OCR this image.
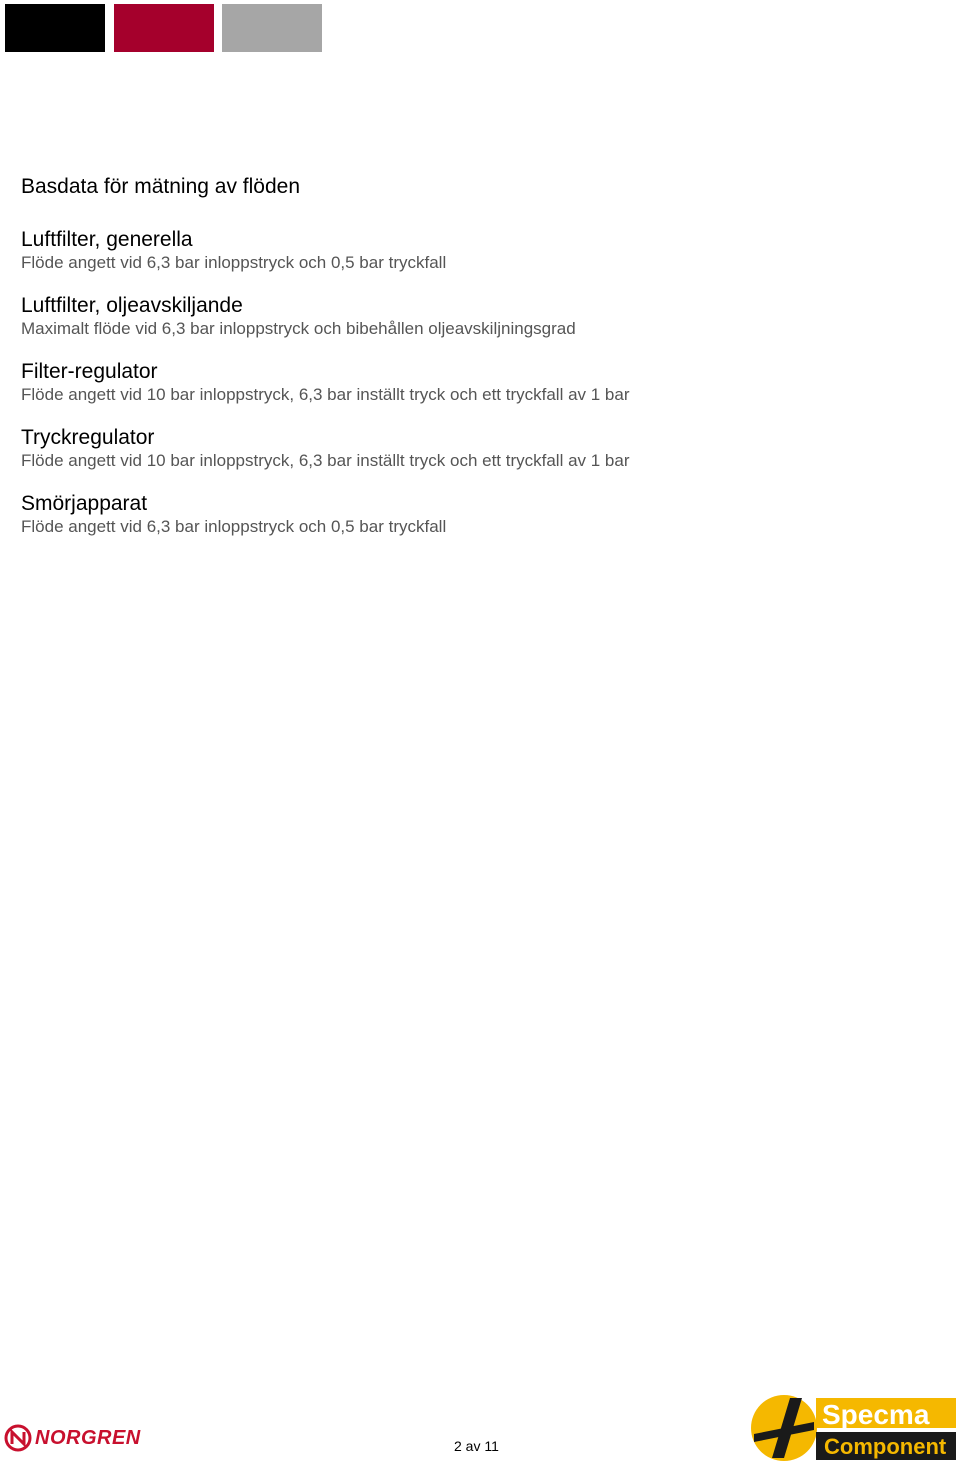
Basdata för mätning av flöden

Luftfilter, generella

Flöde angett vid 6,3 bar inloppstryck och 0,5 bar tryckfall

Luftfilter, oljeavskiljande

Maximalt flöde vid 6,3 bar inloppstryck och bibehållen oljeavskiljningsgrad

Filter-regulator

Flöde angett vid 10 bar inloppstryck, 6,3 bar inställt tryck och ett tryckfall av 1 bar

Tryckregulator

Flöde angett vid 10 bar inloppstryck, 6,3 bar inställt tryck och ett tryckfall av 1 bar

Smörjapparat

Flöde angett vid 6,3 bar inloppstryck och 0,5 bar tryckfall

NORGREN	2 av 11
Specma
Component
